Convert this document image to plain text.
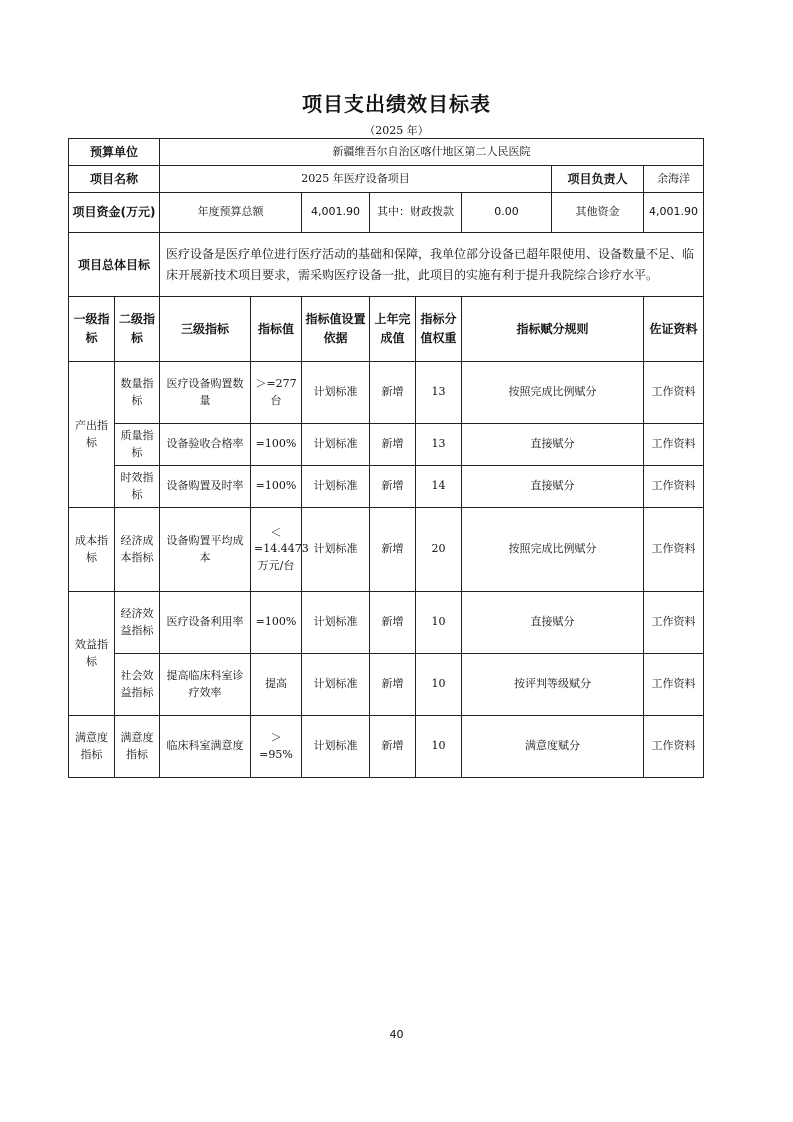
项目支出绩效目标表
（2025 年）
预算单位		新疆维吾尔自治区喀什地区第二人民医院							
项目名称		2025 年医疗设备项目						项目负责人	余海洋
项目资金(万元)		年度预算总额		4,001.90	其中：财政拨款		0.00	其他资金	4,001.90
项目总体目标		医疗设备是医疗单位进行医疗活动的基础和保障，我单位部分设备已超年限使用、设备数量不足、临床开展新技术项目要求，需采购医疗设备一批，此项目的实施有利于提升我院综合诊疗水平。							
一级指标	二级指标	三级指标	指标值	指标值设置依据	上年完成值	指标分值权重	指标赋分规则		佐证资料
产出指标	数量指标	医疗设备购置数量	＞=277台	计划标准	新增	13	按照完成比例赋分		工作资料
	质量指标	设备验收合格率	=100%	计划标准	新增	13	直接赋分		工作资料
	时效指标	设备购置及时率	=100%	计划标准	新增	14	直接赋分		工作资料
成本指标	经济成本指标	设备购置平均成本	＜=14.4473万元/台	计划标准	新增	20	按照完成比例赋分		工作资料
效益指标	经济效益指标	医疗设备利用率	=100%	计划标准	新增	10	直接赋分		工作资料
	社会效益指标	提高临床科室诊疗效率	提高	计划标准	新增	10	按评判等级赋分		工作资料
满意度指标	满意度指标	临床科室满意度	＞=95%	计划标准	新增	10	满意度赋分		工作资料
40
